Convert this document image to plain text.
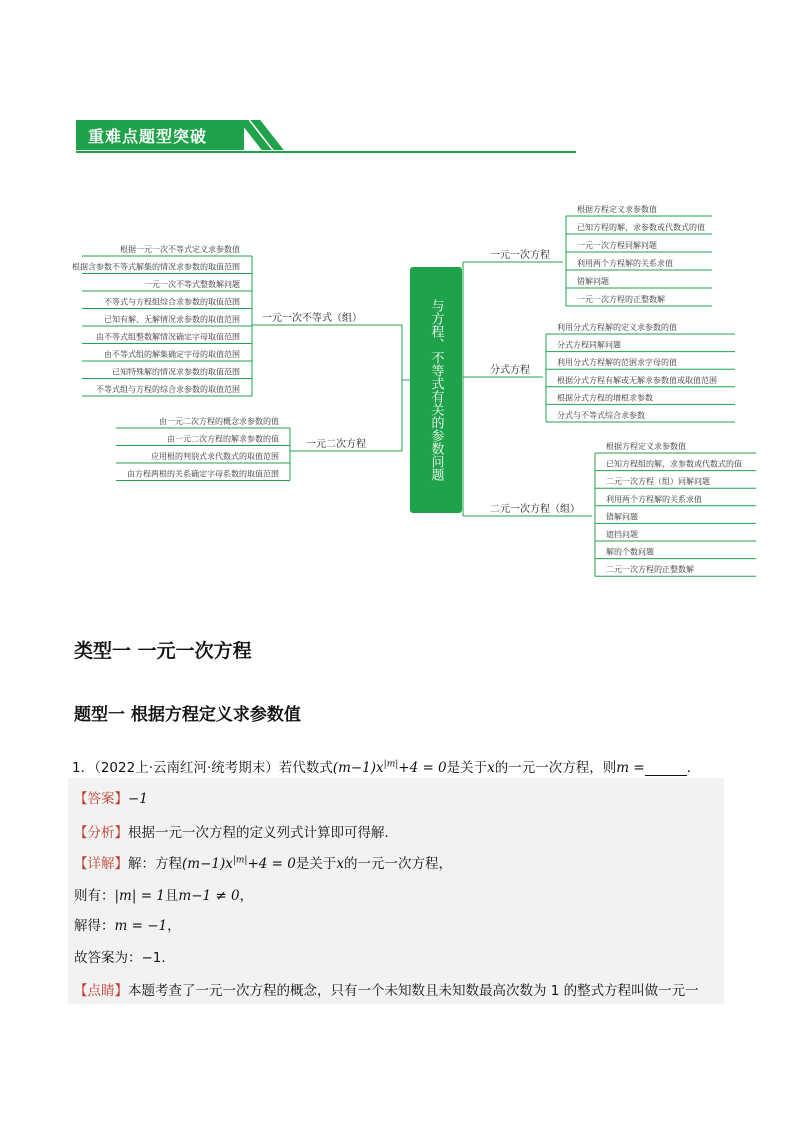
重难点题型突破
一元一次方程
根据方程定义求参数值
已知方程的解，求参数或代数式的值
一元一次方程同解问题
利用两个方程解的关系求值
错解问题
一元一次方程的正整数解
分式方程
利用分式方程解的定义求参数的值
分式方程同解问题
利用分式方程解的范围求字母的值
根据分式方程有解或无解求参数值或取值范围
根据分式方程的增根求参数
分式与不等式综合求参数
二元一次方程（组）
根据方程定义求参数值
已知方程组的解，求参数或代数式的值
二元一次方程（组）同解问题
利用两个方程解的关系求值
错解问题
遮挡问题
解的个数问题
二元一次方程的正整数解
一元一次不等式（组）
根据一元一次不等式定义求参数值
根据含参数不等式解集的情况求参数的取值范围
一元一次不等式整数解问题
不等式与方程组综合求参数的取值范围
已知有解、无解情况求参数的取值范围
由不等式组整数解情况确定字母取值范围
由不等式组的解集确定字母的取值范围
已知特殊解的情况求参数的取值范围
不等式组与方程的综合求参数的取值范围
一元二次方程
由一元二次方程的概念求参数的值
由一元二次方程的解求参数的值
应用根的判别式求代数式的取值范围
由方程两根的关系确定字母系数的取值范围	与方程、不等式有关的参数问题
类型一 一元一次方程
题型一 根据方程定义求参数值
1．（2022上·云南红河·统考期末）若代数式$(m-1)x^{|m|}+4 = 0$是关于x的一元一次方程，则m =	．
【答案】−1
【分析】根据一元一次方程的定义列式计算即可得解．
【详解】解：方程$(m-1)x^{|m|}+4 = 0$是关于x的一元一次方程，
则有：|m| = 1且m−1 ≠ 0，
解得：m = −1，
故答案为：−1．
【点睛】本题考查了一元一次方程的概念，只有一个未知数且未知数最高次数为 1 的整式方程叫做一元一
